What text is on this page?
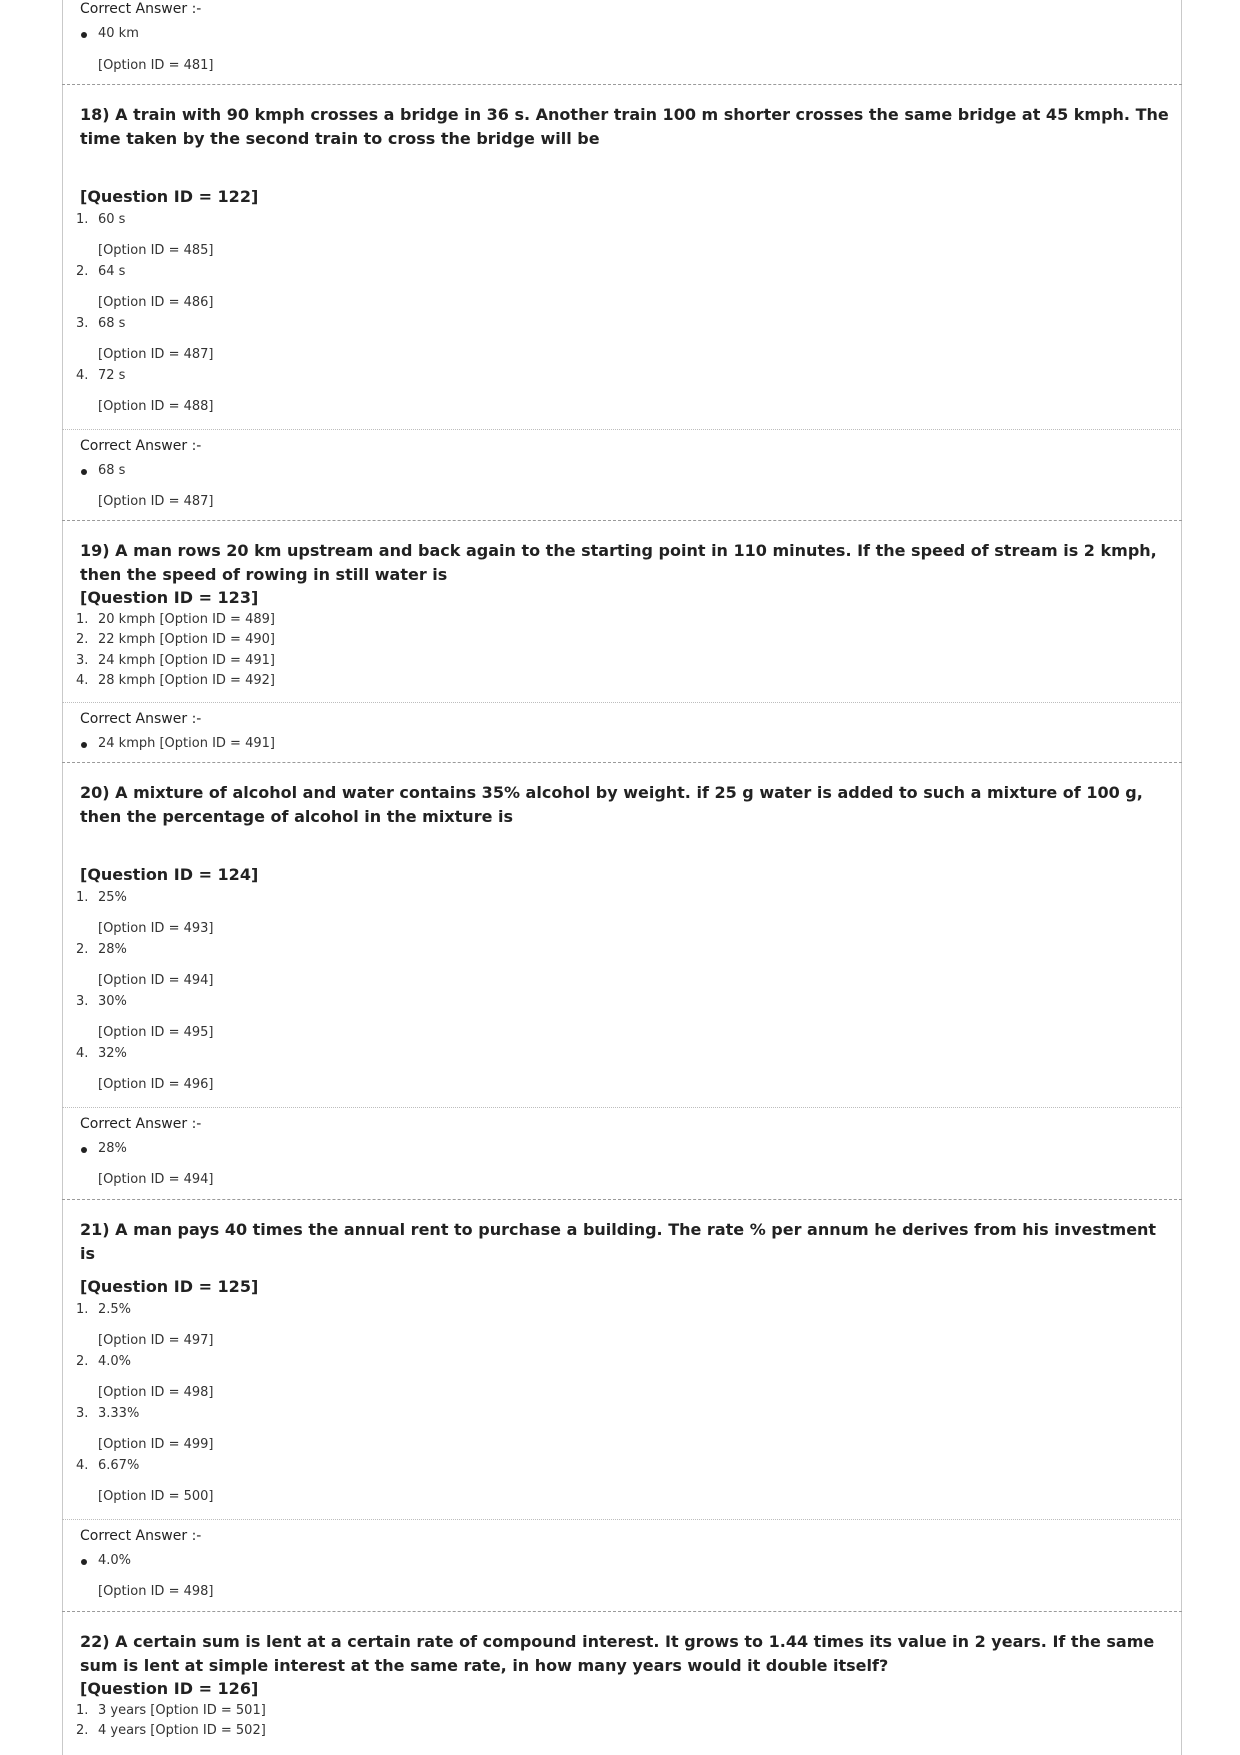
Correct Answer :-
40 km
[Option ID = 481]
18) A train with 90 kmph crosses a bridge in 36 s. Another train 100 m shorter crosses the same bridge at 45 kmph. The time taken by the second train to cross the bridge will be
[Question ID = 122]
1. 60 s
[Option ID = 485]
2. 64 s
[Option ID = 486]
3. 68 s
[Option ID = 487]
4. 72 s
[Option ID = 488]
Correct Answer :-
68 s
[Option ID = 487]
19) A man rows 20 km upstream and back again to the starting point in 110 minutes. If the speed of stream is 2 kmph, then the speed of rowing in still water is
[Question ID = 123]
1. 20 kmph [Option ID = 489]
2. 22 kmph [Option ID = 490]
3. 24 kmph [Option ID = 491]
4. 28 kmph [Option ID = 492]
Correct Answer :-
24 kmph [Option ID = 491]
20) A mixture of alcohol and water contains 35% alcohol by weight. if 25 g water is added to such a mixture of 100 g, then the percentage of alcohol in the mixture is
[Question ID = 124]
1. 25%
[Option ID = 493]
2. 28%
[Option ID = 494]
3. 30%
[Option ID = 495]
4. 32%
[Option ID = 496]
Correct Answer :-
28%
[Option ID = 494]
21) A man pays 40 times the annual rent to purchase a building. The rate % per annum he derives from his investment is
[Question ID = 125]
1. 2.5%
[Option ID = 497]
2. 4.0%
[Option ID = 498]
3. 3.33%
[Option ID = 499]
4. 6.67%
[Option ID = 500]
Correct Answer :-
4.0%
[Option ID = 498]
22) A certain sum is lent at a certain rate of compound interest. It grows to 1.44 times its value in 2 years. If the same sum is lent at simple interest at the same rate, in how many years would it double itself?
[Question ID = 126]
1. 3 years [Option ID = 501]
2. 4 years [Option ID = 502]
